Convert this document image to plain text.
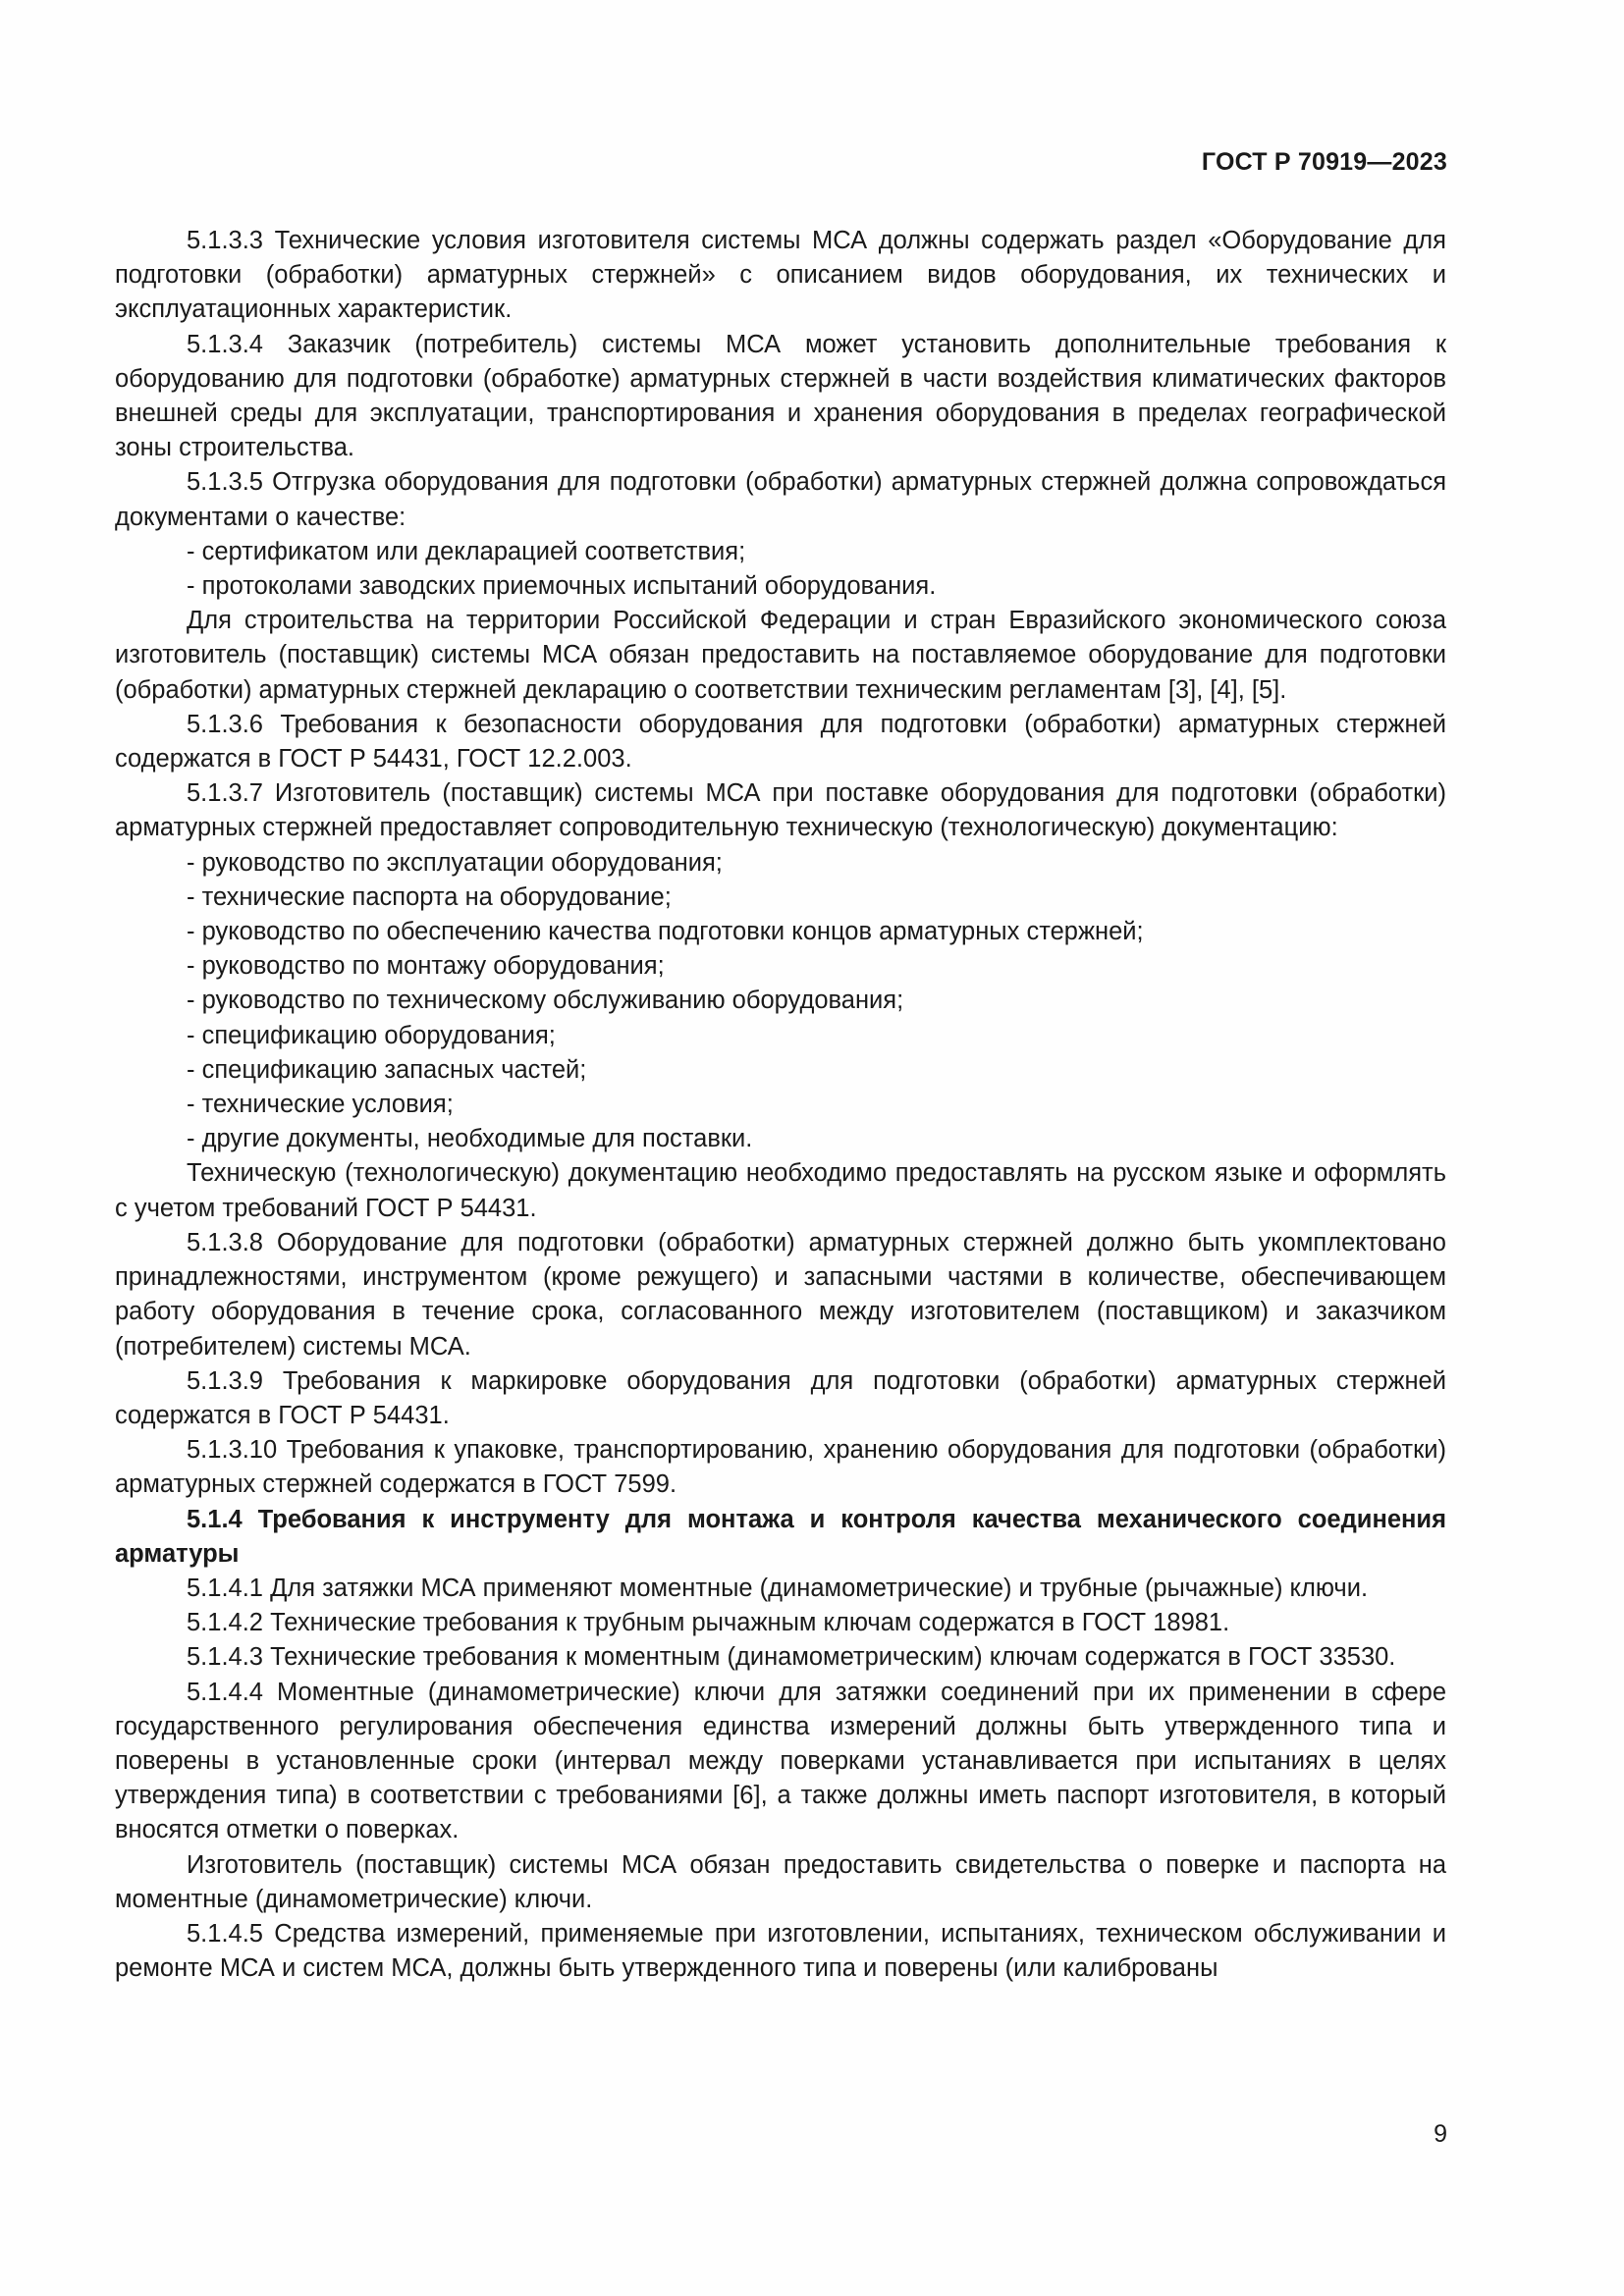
ГОСТ Р 70919—2023

5.1.3.3 Технические условия изготовителя системы МСА должны содержать раздел «Оборудование для подготовки (обработки) арматурных стержней» с описанием видов оборудования, их технических и эксплуатационных характеристик.

5.1.3.4 Заказчик (потребитель) системы МСА может установить дополнительные требования к оборудованию для подготовки (обработке) арматурных стержней в части воздействия климатических факторов внешней среды для эксплуатации, транспортирования и хранения оборудования в пределах географической зоны строительства.

5.1.3.5 Отгрузка оборудования для подготовки (обработки) арматурных стержней должна сопровождаться документами о качестве:

- сертификатом или декларацией соответствия;

- протоколами заводских приемочных испытаний оборудования.

Для строительства на территории Российской Федерации и стран Евразийского экономического союза изготовитель (поставщик) системы МСА обязан предоставить на поставляемое оборудование для подготовки (обработки) арматурных стержней декларацию о соответствии техническим регламентам [3], [4], [5].

5.1.3.6 Требования к безопасности оборудования для подготовки (обработки) арматурных стержней содержатся в ГОСТ Р 54431, ГОСТ 12.2.003.

5.1.3.7 Изготовитель (поставщик) системы МСА при поставке оборудования для подготовки (обработки) арматурных стержней предоставляет сопроводительную техническую (технологическую) документацию:

- руководство по эксплуатации оборудования;

- технические паспорта на оборудование;

- руководство по обеспечению качества подготовки концов арматурных стержней;

- руководство по монтажу оборудования;

- руководство по техническому обслуживанию оборудования;

- спецификацию оборудования;

- спецификацию запасных частей;

- технические условия;

- другие документы, необходимые для поставки.

Техническую (технологическую) документацию необходимо предоставлять на русском языке и оформлять с учетом требований ГОСТ Р 54431.

5.1.3.8 Оборудование для подготовки (обработки) арматурных стержней должно быть укомплектовано принадлежностями, инструментом (кроме режущего) и запасными частями в количестве, обеспечивающем работу оборудования в течение срока, согласованного между изготовителем (поставщиком) и заказчиком (потребителем) системы МСА.

5.1.3.9 Требования к маркировке оборудования для подготовки (обработки) арматурных стержней содержатся в ГОСТ Р 54431.

5.1.3.10 Требования к упаковке, транспортированию, хранению оборудования для подготовки (обработки) арматурных стержней содержатся в ГОСТ 7599.

5.1.4 Требования к инструменту для монтажа и контроля качества механического соединения арматуры

5.1.4.1 Для затяжки МСА применяют моментные (динамометрические) и трубные (рычажные) ключи.

5.1.4.2 Технические требования к трубным рычажным ключам содержатся в ГОСТ 18981.

5.1.4.3 Технические требования к моментным (динамометрическим) ключам содержатся в ГОСТ 33530.

5.1.4.4 Моментные (динамометрические) ключи для затяжки соединений при их применении в сфере государственного регулирования обеспечения единства измерений должны быть утвержденного типа и поверены в установленные сроки (интервал между поверками устанавливается при испытаниях в целях утверждения типа) в соответствии с требованиями [6], а также должны иметь паспорт изготовителя, в который вносятся отметки о поверках.

Изготовитель (поставщик) системы МСА обязан предоставить свидетельства о поверке и паспорта на моментные (динамометрические) ключи.

5.1.4.5 Средства измерений, применяемые при изготовлении, испытаниях, техническом обслуживании и ремонте МСА и систем МСА, должны быть утвержденного типа и поверены (или калиброваны

9
